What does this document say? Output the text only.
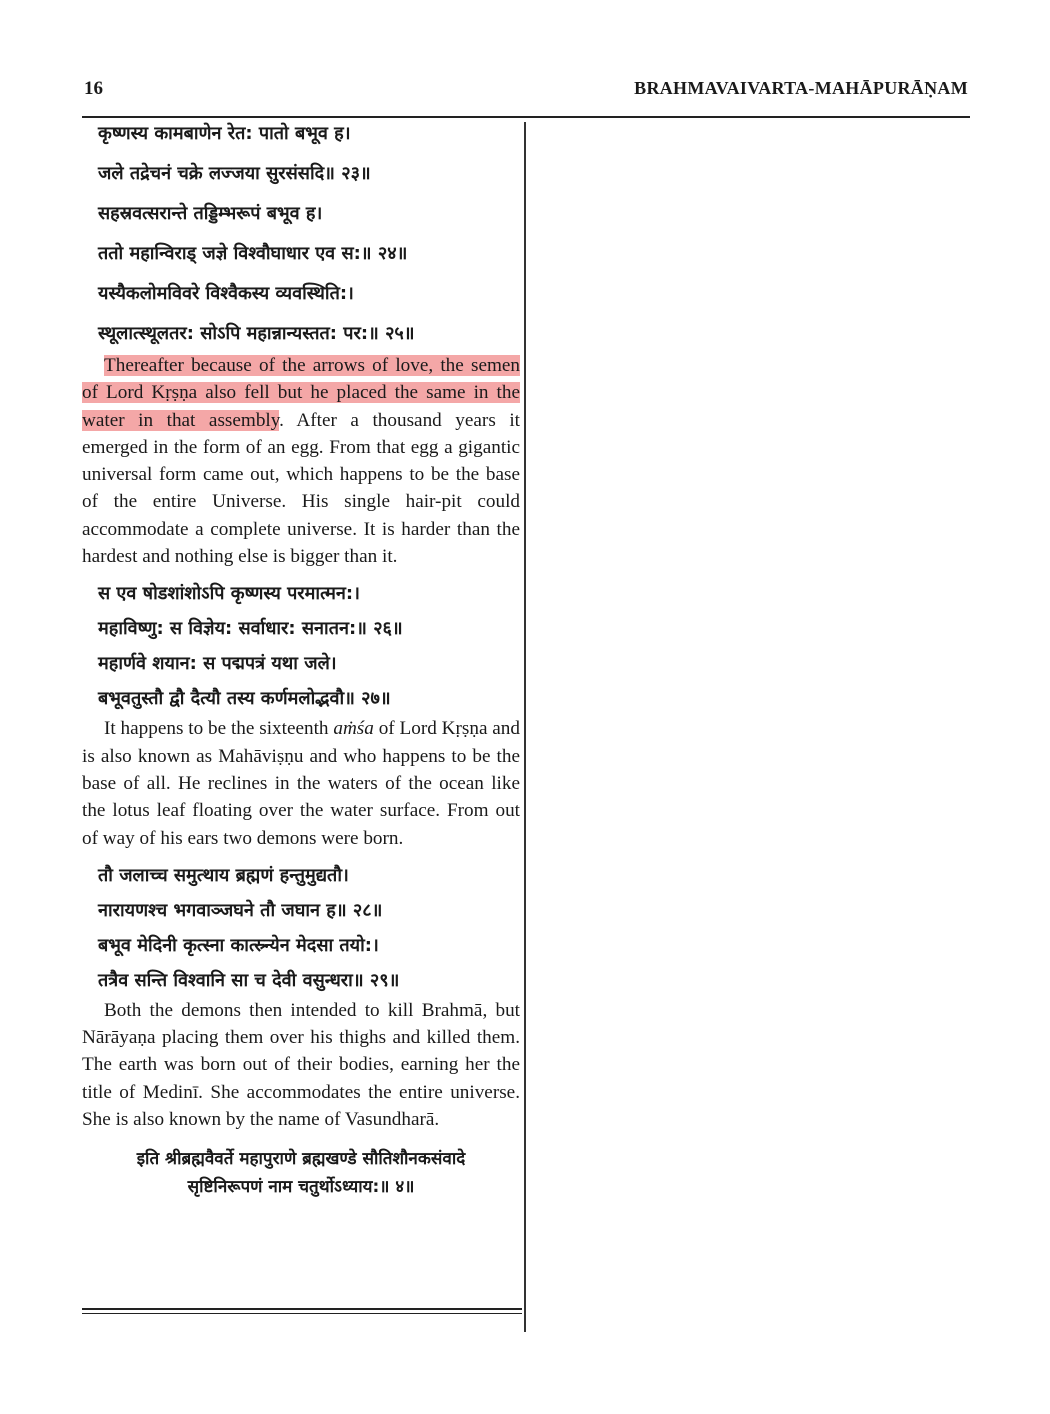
16	BRAHMAVAIVARTA-MAHĀPURĀṆAM
कृष्णस्य कामबाणेन रेत: पातो बभूव ह।
जले तद्रेचनं चक्रे लज्जया सुरसंसदि॥ २३॥
सहस्रवत्सरान्ते तड्डिम्भरूपं बभूव ह।
ततो महान्विराड् जज्ञे विश्वौघाधार एव स:॥ २४॥
यस्यैकलोमविवरे विश्वैकस्य व्यवस्थिति:।
स्थूलात्स्थूलतर: सोऽपि महान्नान्यस्तत: पर:॥ २५॥

Thereafter because of the arrows of love, the semen of Lord Kṛṣṇa also fell but he placed the same in the water in that assembly. After a thousand years it emerged in the form of an egg. From that egg a gigantic universal form came out, which happens to be the base of the entire Universe. His single hair-pit could accommodate a complete universe. It is harder than the hardest and nothing else is bigger than it.

स एव षोडशांशोऽपि कृष्णस्य परमात्मन:।
महाविष्णु: स विज्ञेय: सर्वाधार: सनातन:॥ २६॥
महार्णवे शयान: स पद्मपत्रं यथा जले।
बभूवतुस्तौ द्वौ दैत्यौ तस्य कर्णमलोद्भवौ॥ २७॥

It happens to be the sixteenth aṁśa of Lord Kṛṣṇa and is also known as Mahāviṣṇu and who happens to be the base of all. He reclines in the waters of the ocean like the lotus leaf floating over the water surface. From out of way of his ears two demons were born.

तौ जलाच्च समुत्थाय ब्रह्मणं हन्तुमुद्यतौ।
नारायणश्च भगवाञ्जघने तौ जघान ह॥ २८॥
बभूव मेदिनी कृत्स्ना कात्स्र्न्येन मेदसा तयो:।
तत्रैव सन्ति विश्वानि सा च देवी वसुन्धरा॥ २९॥

Both the demons then intended to kill Brahmā, but Nārāyaṇa placing them over his thighs and killed them. The earth was born out of their bodies, earning her the title of Medinī. She accommodates the entire universe. She is also known by the name of Vasundharā.

इति श्रीब्रह्मवैवर्ते महापुराणे ब्रह्मखण्डे सौतिशौनकसंवादे
सृष्टिनिरूपणं नाम चतुर्थोऽध्याय:॥ ४॥
